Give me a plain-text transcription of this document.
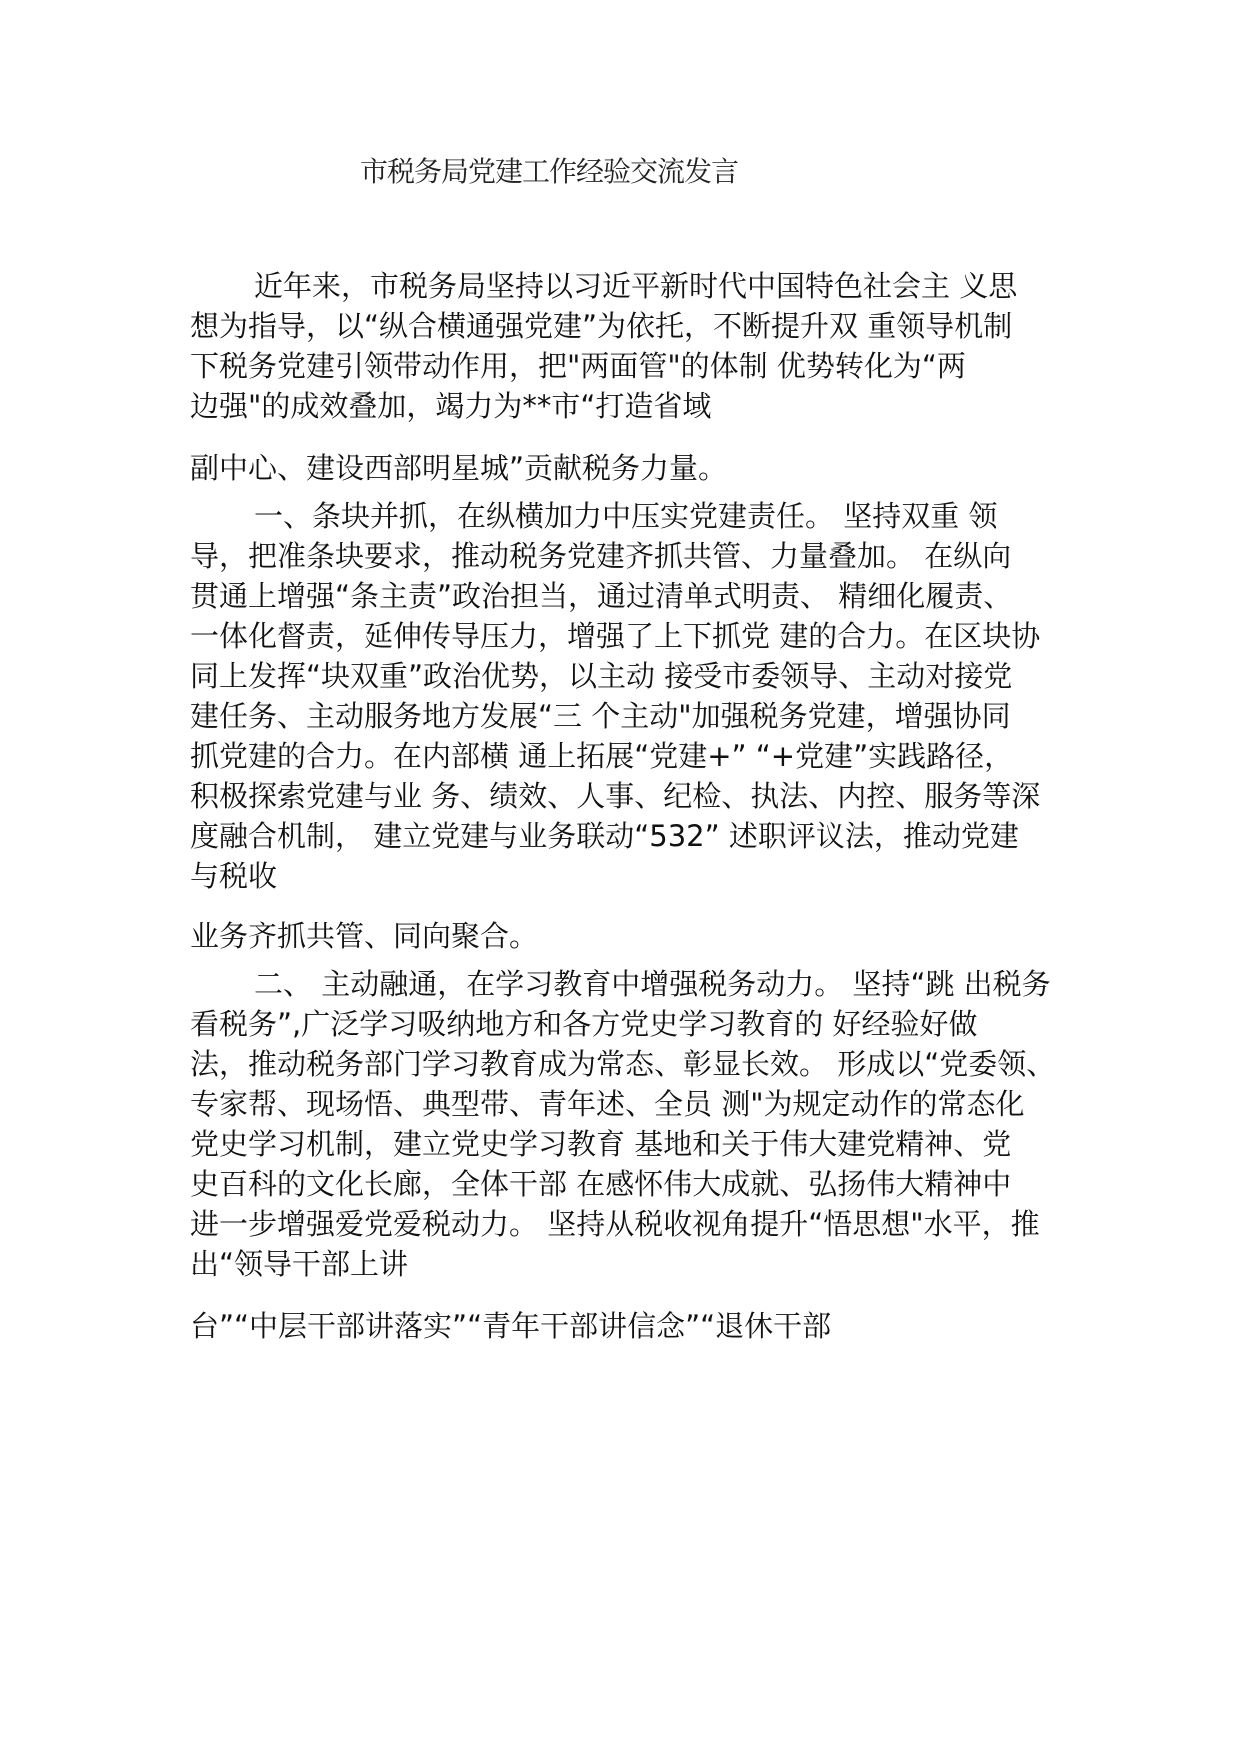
市税务局党建工作经验交流发言
近年来，市税务局坚持以习近平新时代中国特色社会主 义思
想为指导，以“纵合横通强党建”为依托，不断提升双 重领导机制
下税务党建引领带动作用，把"两面管"的体制 优势转化为“两
边强"的成效叠加，竭力为**市“打造省域
副中心、建设西部明星城”贡献税务力量。
一、条块并抓，在纵横加力中压实党建责任。 坚持双重 领
导，把准条块要求，推动税务党建齐抓共管、力量叠加。 在纵向
贯通上增强“条主责”政治担当，通过清单式明责、 精细化履责、
一体化督责，延伸传导压力，增强了上下抓党 建的合力。在区块协
同上发挥“块双重”政治优势，以主动 接受市委领导、主动对接党
建任务、主动服务地方发展“三 个主动"加强税务党建，增强协同
抓党建的合力。在内部横 通上拓展“党建+” “+党建”实践路径，
积极探索党建与业 务、绩效、人事、纪检、执法、内控、服务等深
度融合机制， 建立党建与业务联动“532” 述职评议法，推动党建
与税收
业务齐抓共管、同向聚合。
二、 主动融通，在学习教育中增强税务动力。 坚持“跳 出税务
看税务”,广泛学习吸纳地方和各方党史学习教育的 好经验好做
法，推动税务部门学习教育成为常态、彰显长效。 形成以“党委领、
专家帮、现场悟、典型带、青年述、全员 测"为规定动作的常态化
党史学习机制，建立党史学习教育 基地和关于伟大建党精神、党
史百科的文化长廊，全体干部 在感怀伟大成就、弘扬伟大精神中
进一步增强爱党爱税动力。 坚持从税收视角提升“悟思想"水平，推
出“领导干部上讲
台”“中层干部讲落实”“青年干部讲信念”“退休干部
